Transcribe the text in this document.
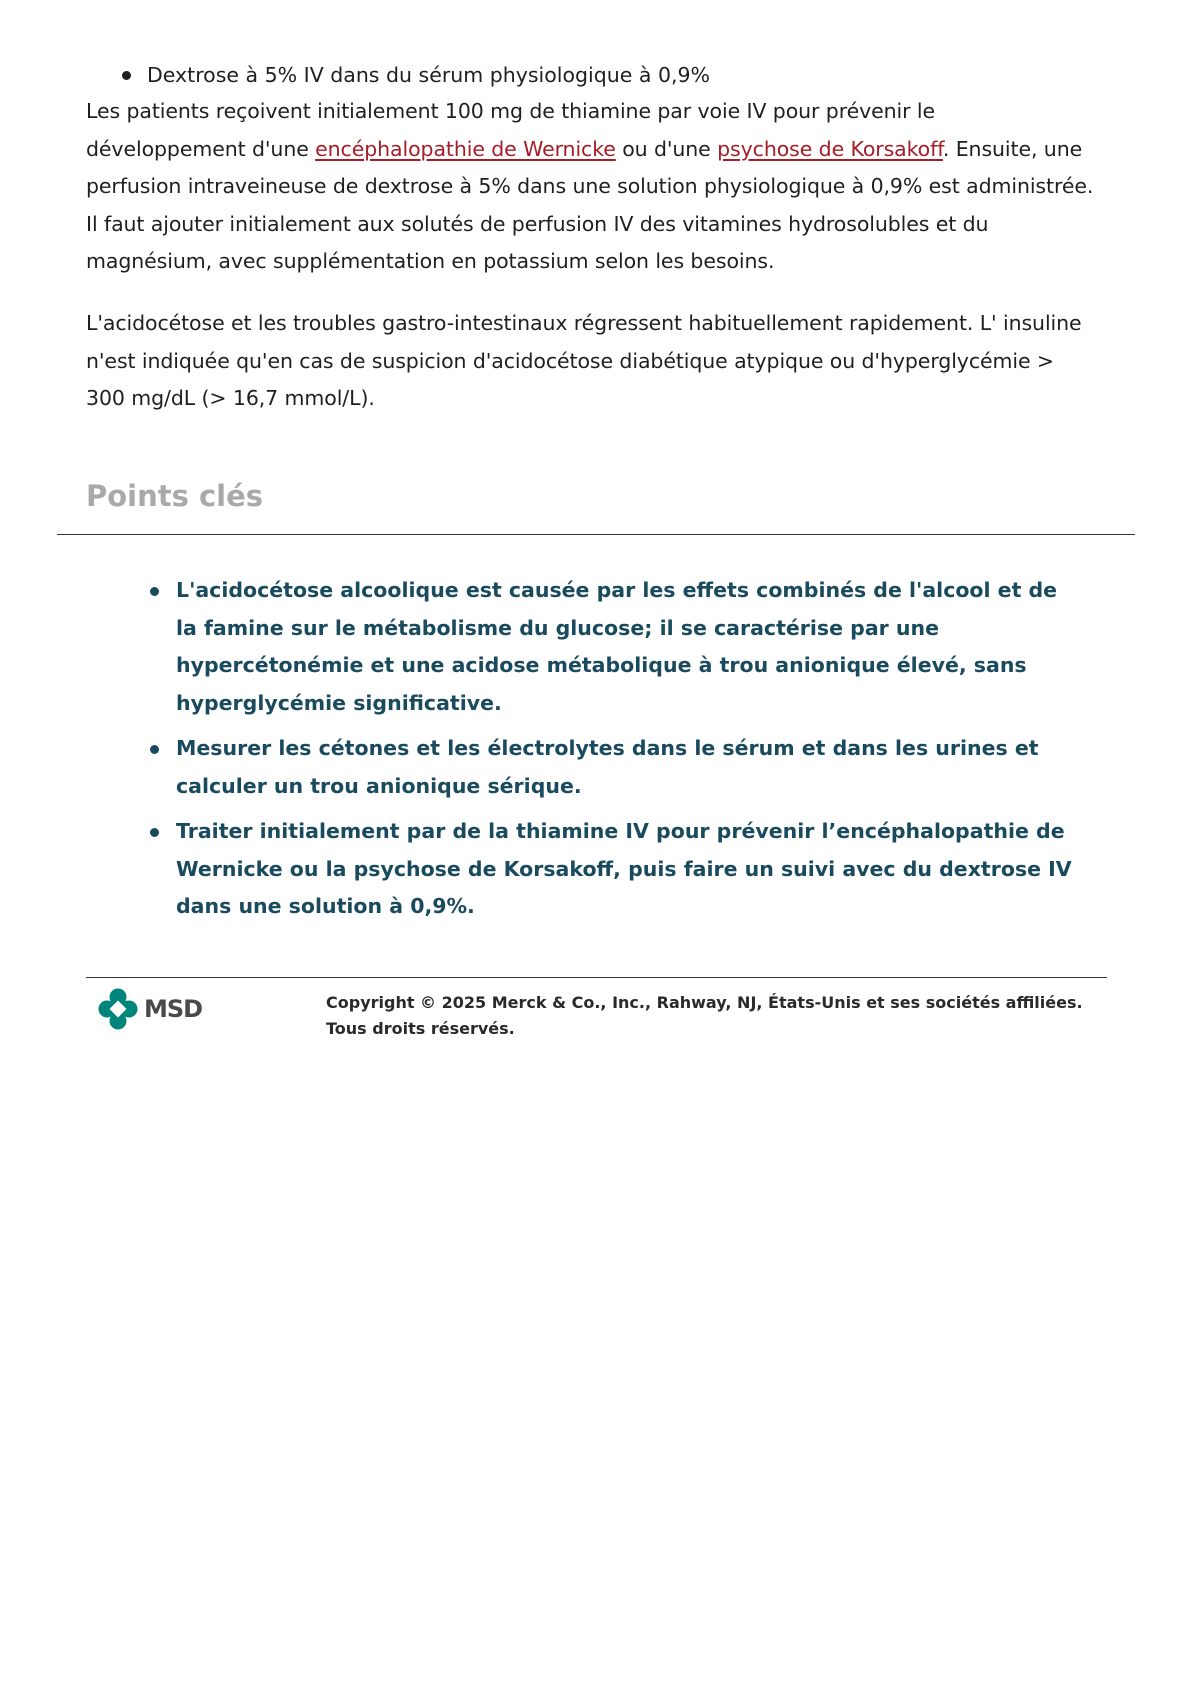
Dextrose à 5% IV dans du sérum physiologique à 0,9%

Les patients reçoivent initialement 100 mg de thiamine par voie IV pour prévenir le développement d'une encéphalopathie de Wernicke ou d'une psychose de Korsakoff. Ensuite, une perfusion intraveineuse de dextrose à 5% dans une solution physiologique à 0,9% est administrée. Il faut ajouter initialement aux solutés de perfusion IV des vitamines hydrosolubles et du magnésium, avec supplémentation en potassium selon les besoins.

L'acidocétose et les troubles gastro-intestinaux régressent habituellement rapidement. L' insuline n'est indiquée qu'en cas de suspicion d'acidocétose diabétique atypique ou d'hyperglycémie > 300 mg/dL (> 16,7 mmol/L).

Points clés
L'acidocétose alcoolique est causée par les effets combinés de l'alcool et de la famine sur le métabolisme du glucose; il se caractérise par une hypercétonémie et une acidose métabolique à trou anionique élevé, sans hyperglycémie significative.
Mesurer les cétones et les électrolytes dans le sérum et dans les urines et calculer un trou anionique sérique.
Traiter initialement par de la thiamine IV pour prévenir l’encéphalopathie de Wernicke ou la psychose de Korsakoff, puis faire un suivi avec du dextrose IV dans une solution à 0,9%.
MSD	Copyright © 2025 Merck & Co., Inc., Rahway, NJ, États-Unis et ses sociétés affiliées. Tous droits réservés.
